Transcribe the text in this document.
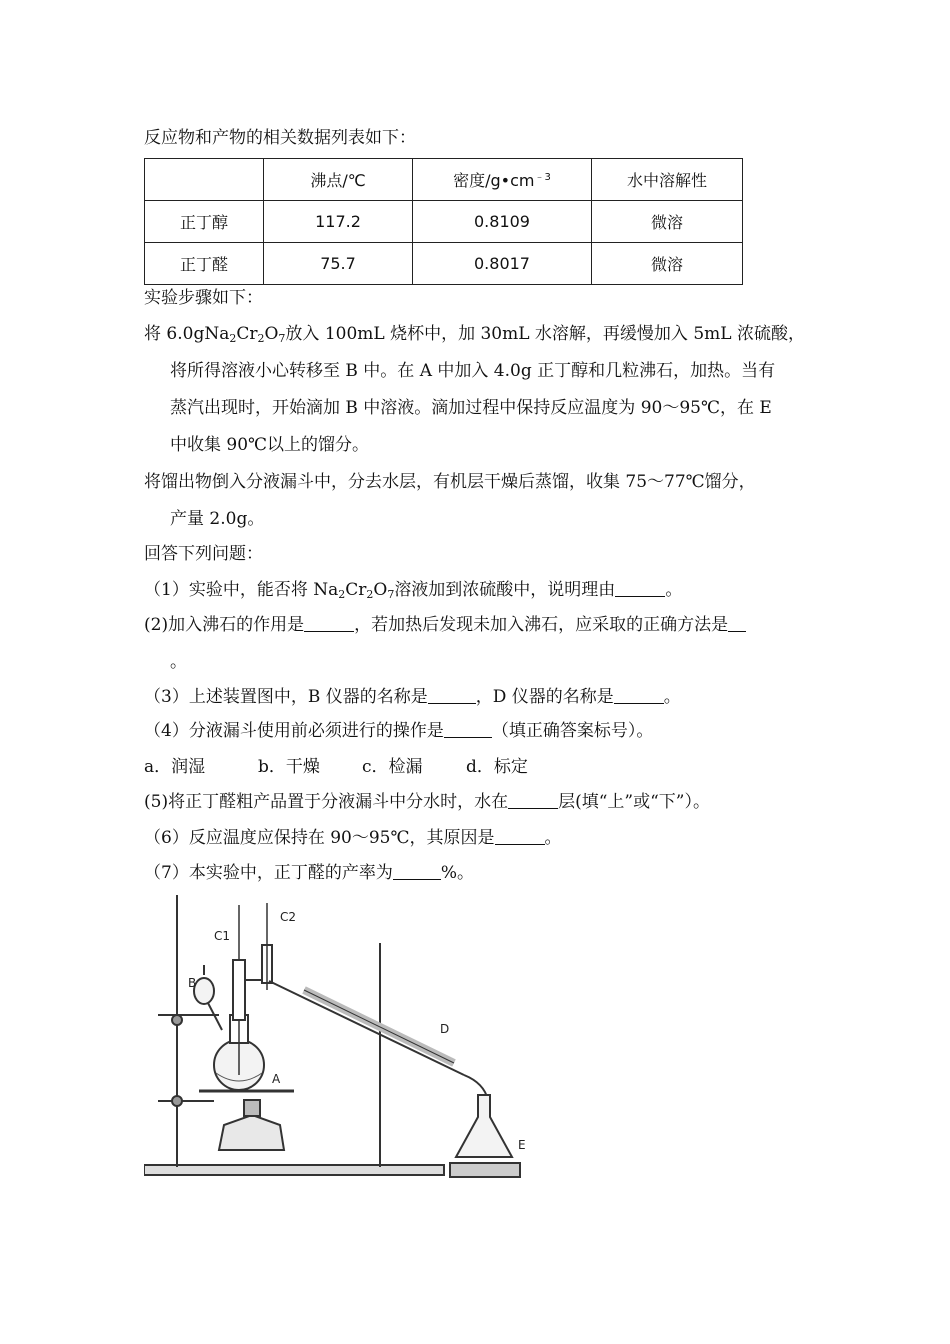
反应物和产物的相关数据列表如下：
	沸点/℃	密度$/g•cm^{﹣3}$	水中溶解性
正丁醇	117.2	0.8109	微溶
正丁醛	75.7	0.8017	微溶
实验步骤如下：
将 $6.0gNa_2Cr_2O_7$放入 100mL 烧杯中，加 30mL 水溶解，再缓慢加入 5mL 浓硫酸，
将所得溶液小心转移至 B 中。在 A 中加入 4.0g 正丁醇和几粒沸石，加热。当有
蒸汽出现时，开始滴加 B 中溶液。滴加过程中保持反应温度为 90～95℃，在 E
中收集 90℃以上的馏分。
将馏出物倒入分液漏斗中，分去水层，有机层干燥后蒸馏，收集 75～77℃馏分，
产量 2.0g。
回答下列问题：
（1）实验中，能否将 $Na_2Cr_2O_7$溶液加到浓硫酸中，说明理由	。
(2)加入沸石的作用是	，若加热后发现未加入沸石，应采取的正确方法是
。
（3）上述装置图中，B 仪器的名称是	，D 仪器的名称是	。
（4）分液漏斗使用前必须进行的操作是	（填正确答案标号）。
a．润湿	b．干燥 c．检漏	d．标定
(5)将正丁醛粗产品置于分液漏斗中分水时，水在	层(填“上”或“下”）。
（6）反应温度应保持在 90～95℃，其原因是	。
（7）本实验中，正丁醛的产率为	%。
C1
C2
B
A
D
E
